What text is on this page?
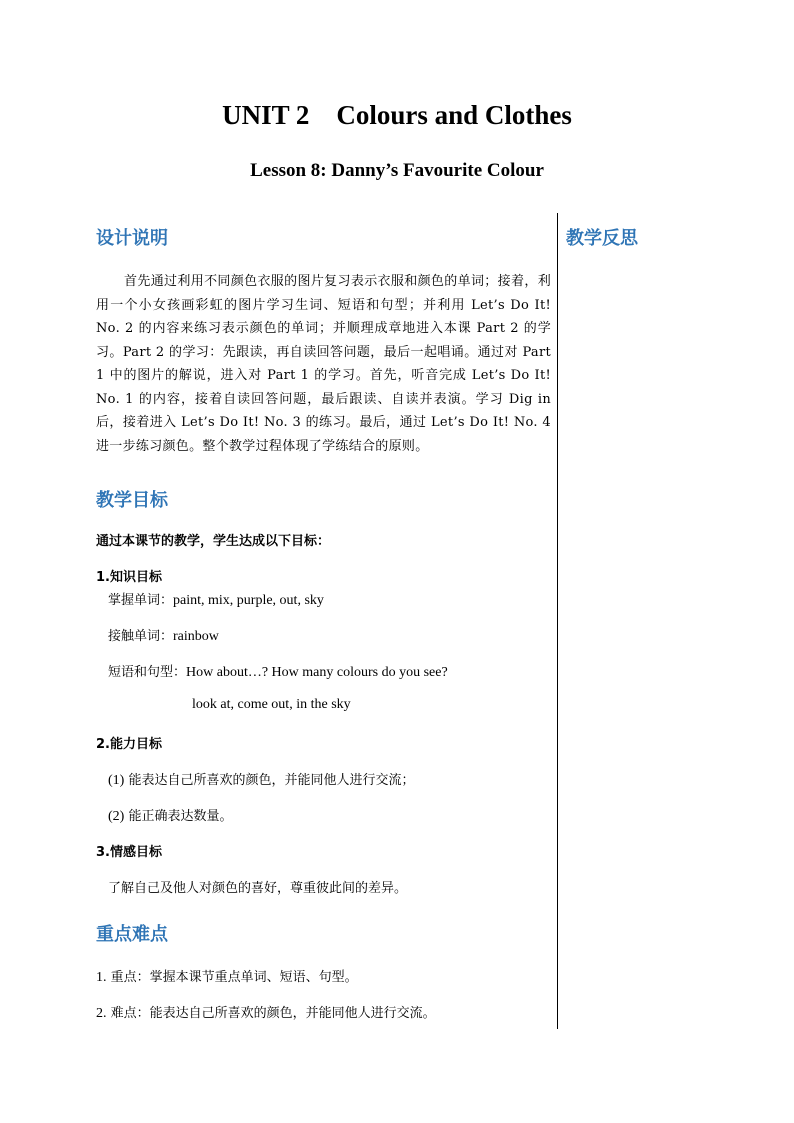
UNIT 2    Colours and Clothes
Lesson 8: Danny’s Favourite Colour
教学反思
设计说明
首先通过利用不同颜色衣服的图片复习表示衣服和颜色的单词；接着，利用一个小女孩画彩虹的图片学习生词、短语和句型；并利用 Let’s Do It! No. 2 的内容来练习表示颜色的单词；并顺理成章地进入本课 Part 2 的学习。Part 2 的学习：先跟读，再自读回答问题，最后一起唱诵。通过对 Part 1 中的图片的解说，进入对 Part 1 的学习。首先，听音完成 Let’s Do It! No. 1 的内容，接着自读回答问题，最后跟读、自读并表演。学习 Dig in 后，接着进入 Let’s Do It! No. 3 的练习。最后，通过 Let’s Do It! No. 4 进一步练习颜色。整个教学过程体现了学练结合的原则。
教学目标
通过本课节的教学，学生达成以下目标：
1.知识目标
掌握单词：paint, mix, purple, out, sky
接触单词：rainbow
短语和句型：How about…? How many colours do you see?
look at, come out, in the sky
2.能力目标
(1) 能表达自己所喜欢的颜色，并能同他人进行交流；
(2) 能正确表达数量。
3.情感目标
了解自己及他人对颜色的喜好，尊重彼此间的差异。
重点难点
1. 重点：掌握本课节重点单词、短语、句型。
2. 难点：能表达自己所喜欢的颜色，并能同他人进行交流。
